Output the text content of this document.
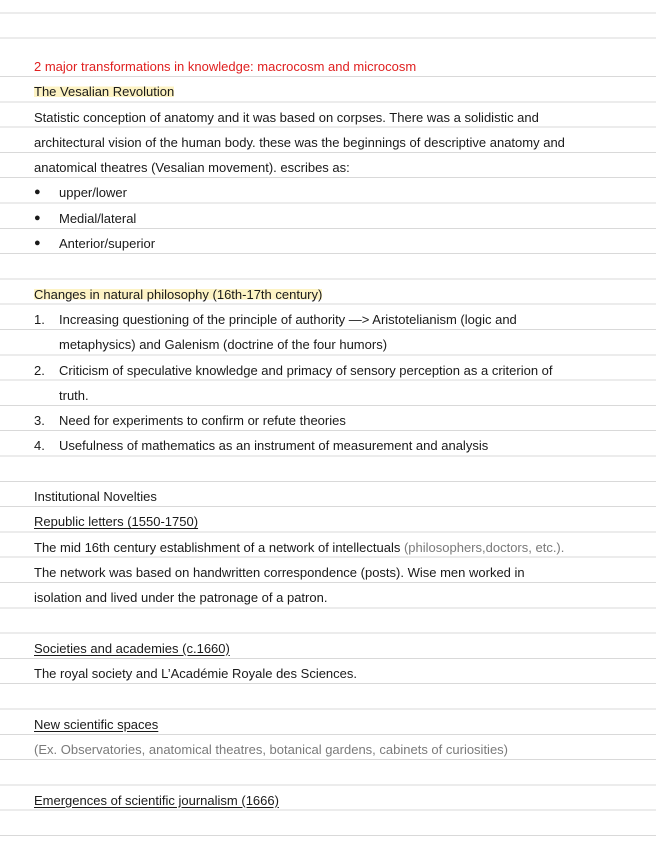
2 major transformations in knowledge: macrocosm and microcosm
The Vesalian Revolution
Statistic conception of anatomy and it was based on corpses. There was a solidistic and
architectural vision of the human body. these was the beginnings of descriptive anatomy and
anatomical theatres (Vesalian movement). escribes as:
● upper/lower
● Medial/lateral
● Anterior/superior
Changes in natural philosophy (16th-17th century)
1. Increasing questioning of the principle of authority —> Aristotelianism (logic and
metaphysics) and Galenism (doctrine of the four humors)
2. Criticism of speculative knowledge and primacy of sensory perception as a criterion of
truth.
3. Need for experiments to confirm or refute theories
4. Usefulness of mathematics as an instrument of measurement and analysis
Institutional Novelties
Republic letters (1550-1750)
The mid 16th century establishment of a network of intellectuals (philosophers,doctors, etc.).
The network was based on handwritten correspondence (posts). Wise men worked in
isolation and lived under the patronage of a patron.
Societies and academies (c.1660)
The royal society and L’Académie Royale des Sciences.
New scientific spaces
(Ex. Observatories, anatomical theatres, botanical gardens, cabinets of curiosities)
Emergences of scientific journalism (1666)
